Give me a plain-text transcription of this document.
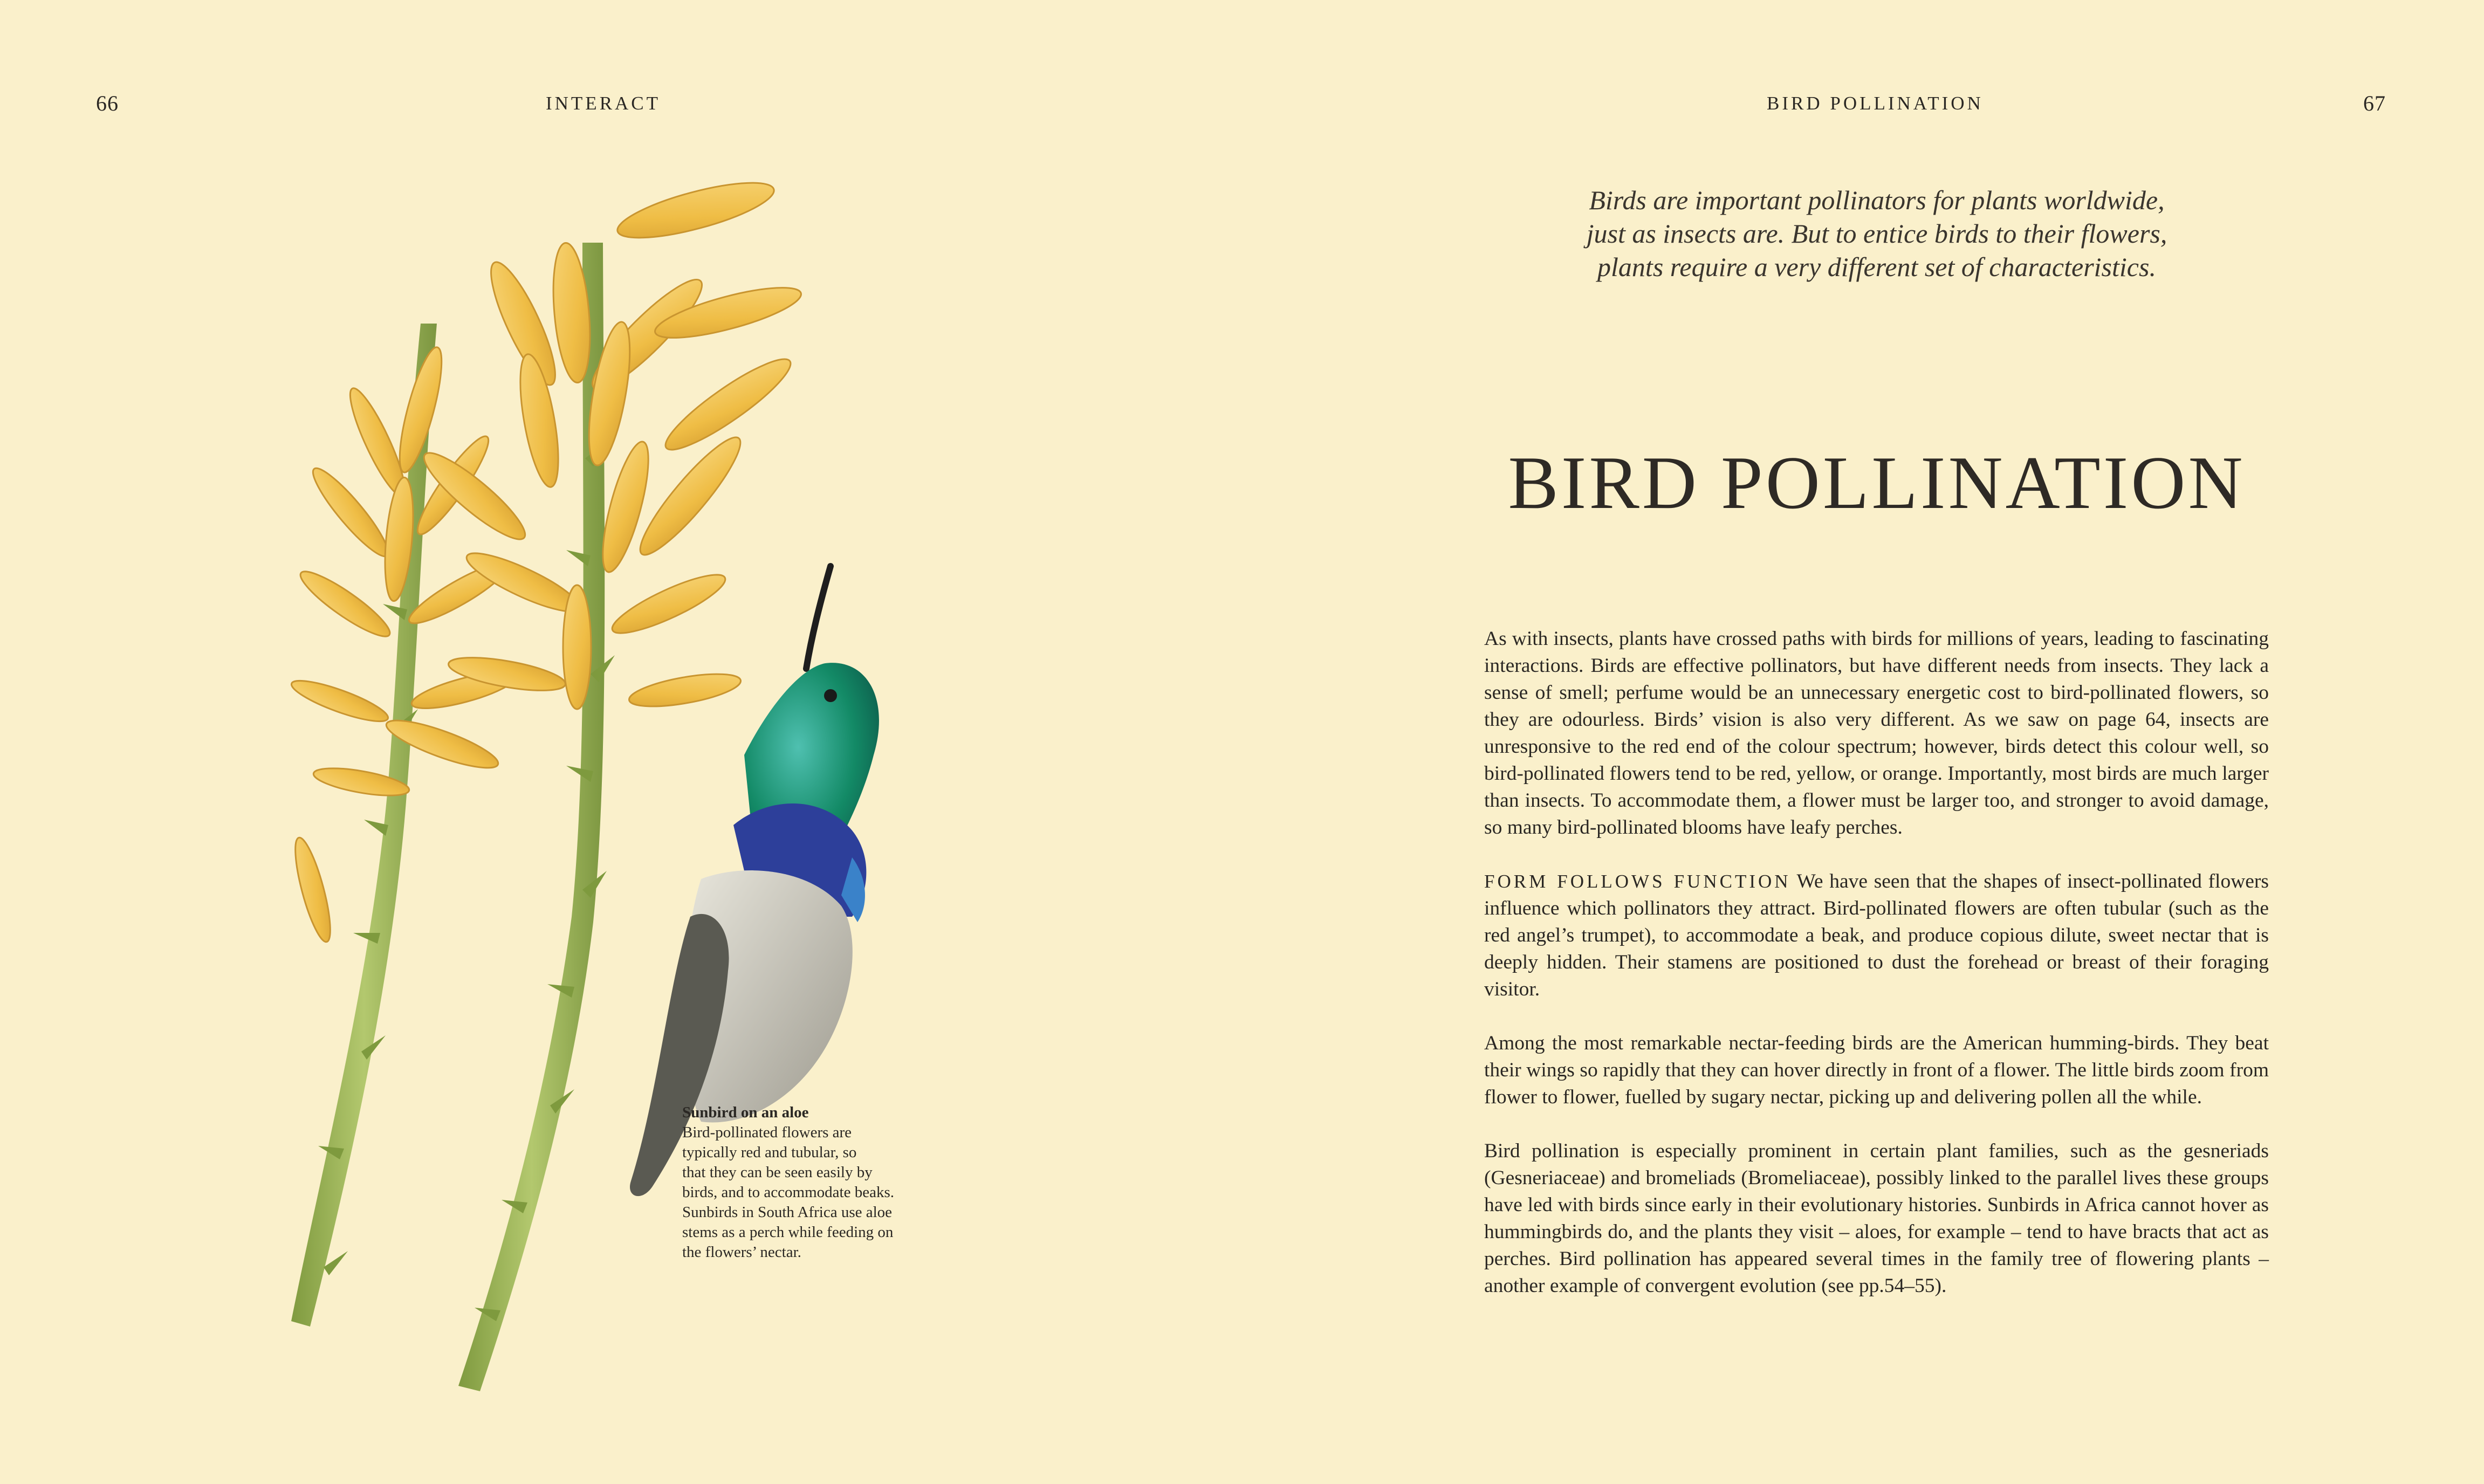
66	INTERACT
Sunbird on an aloe
Bird-pollinated flowers are
typically red and tubular, so
that they can be seen easily by
birds, and to accommodate beaks.
Sunbirds in South Africa use aloe
stems as a perch while feeding on
the flowers’ nectar.
BIRD POLLINATION	67
Birds are important pollinators for plants worldwide,
just as insects are. But to entice birds to their flowers,
plants require a very different set of characteristics.
BIRD POLLINATION

As with insects, plants have crossed paths with birds for millions of years, leading to fascinating interactions. Birds are effective pollinators, but have different needs from insects. They lack a sense of smell; perfume would be an unnecessary energetic cost to bird-pollinated flowers, so they are odourless. Birds’ vision is also very different. As we saw on page 64, insects are unresponsive to the red end of the colour spectrum; however, birds detect this colour well, so bird-pollinated flowers tend to be red, yellow, or orange. Importantly, most birds are much larger than insects. To accommodate them, a flower must be larger too, and stronger to avoid damage, so many bird-pollinated blooms have leafy perches.

FORM FOLLOWS FUNCTION We have seen that the shapes of insect-pollinated flowers influence which pollinators they attract. Bird-pollinated flowers are often tubular (such as the red angel’s trumpet), to accommodate a beak, and produce copious dilute, sweet nectar that is deeply hidden. Their stamens are positioned to dust the forehead or breast of their foraging visitor.

Among the most remarkable nectar-feeding birds are the American humming-birds. They beat their wings so rapidly that they can hover directly in front of a flower. The little birds zoom from flower to flower, fuelled by sugary nectar, picking up and delivering pollen all the while.

Bird pollination is especially prominent in certain plant families, such as the gesneriads (Gesneriaceae) and bromeliads (Bromeliaceae), possibly linked to the parallel lives these groups have led with birds since early in their evolutionary histories. Sunbirds in Africa cannot hover as hummingbirds do, and the plants they visit – aloes, for example – tend to have bracts that act as perches. Bird pollination has appeared several times in the family tree of flowering plants – another example of convergent evolution (see pp.54–55).
